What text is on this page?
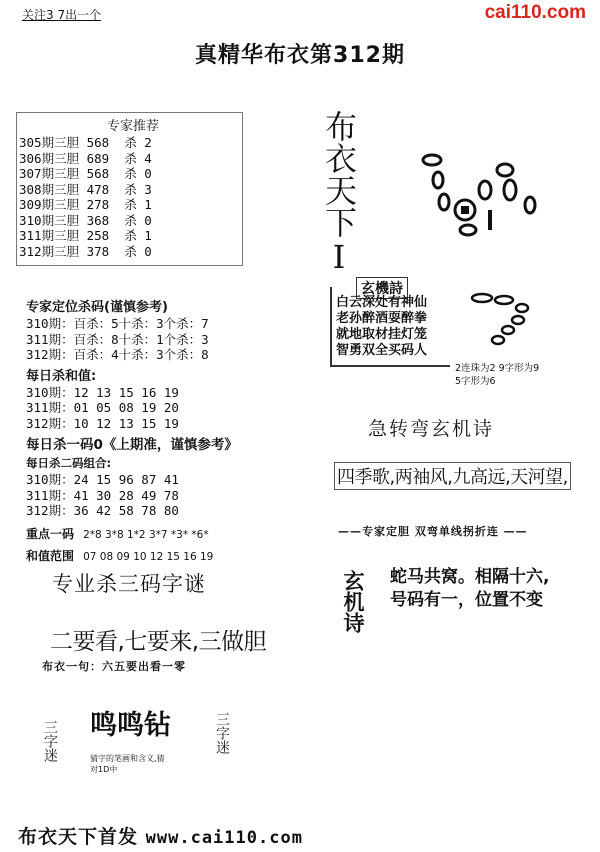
关注3 7出一个	cai110.com
真精华布衣第312期
专家推荐
305期三胆 568  杀 2
306期三胆 689  杀 4
307期三胆 568  杀 0
308期三胆 478  杀 3
309期三胆 278  杀 1
310期三胆 368  杀 0
311期三胆 258  杀 1
312期三胆 378  杀 0
专家定位杀码(谨慎参考)
310期：百杀：5十杀：3个杀：7
311期：百杀：8十杀：1个杀：3
312期：百杀：4十杀：3个杀：8
每日杀和值:
310期：12 13 15 16 19
311期：01 05 08 19 20
312期：10 12 13 15 19
每日杀一码0《上期准，谨慎参考》
每日杀二码组合:
310期：24 15 96 87 41
311期：41 30 28 49 78
312期：36 42 58 78 80
重点一码 2*8 3*8 1*2 3*7 *3* *6*
和值范围 07 08 09 10 12 15 16 19
布衣天下I
玄機詩
白云深处有神仙
老孙醉酒耍醉拳
就地取材挂灯笼
智勇双全买码人
2连珠为2 9字形为9
5字形为6
急转弯玄机诗
四季歌,两袖风,九高远,天河望,
——专家定胆 双弯单线拐折连 ——
玄机诗 蛇马共窝。相隔十六,
号码有一，位置不变
专业杀三码字谜
二要看,七要来,三做胆
布衣一句：六五要出看一零
三字迷 鸣鸣钻	三字迷
猜字的笔画和含义,猜
对1D中
布衣天下首发 www.cai110.com
